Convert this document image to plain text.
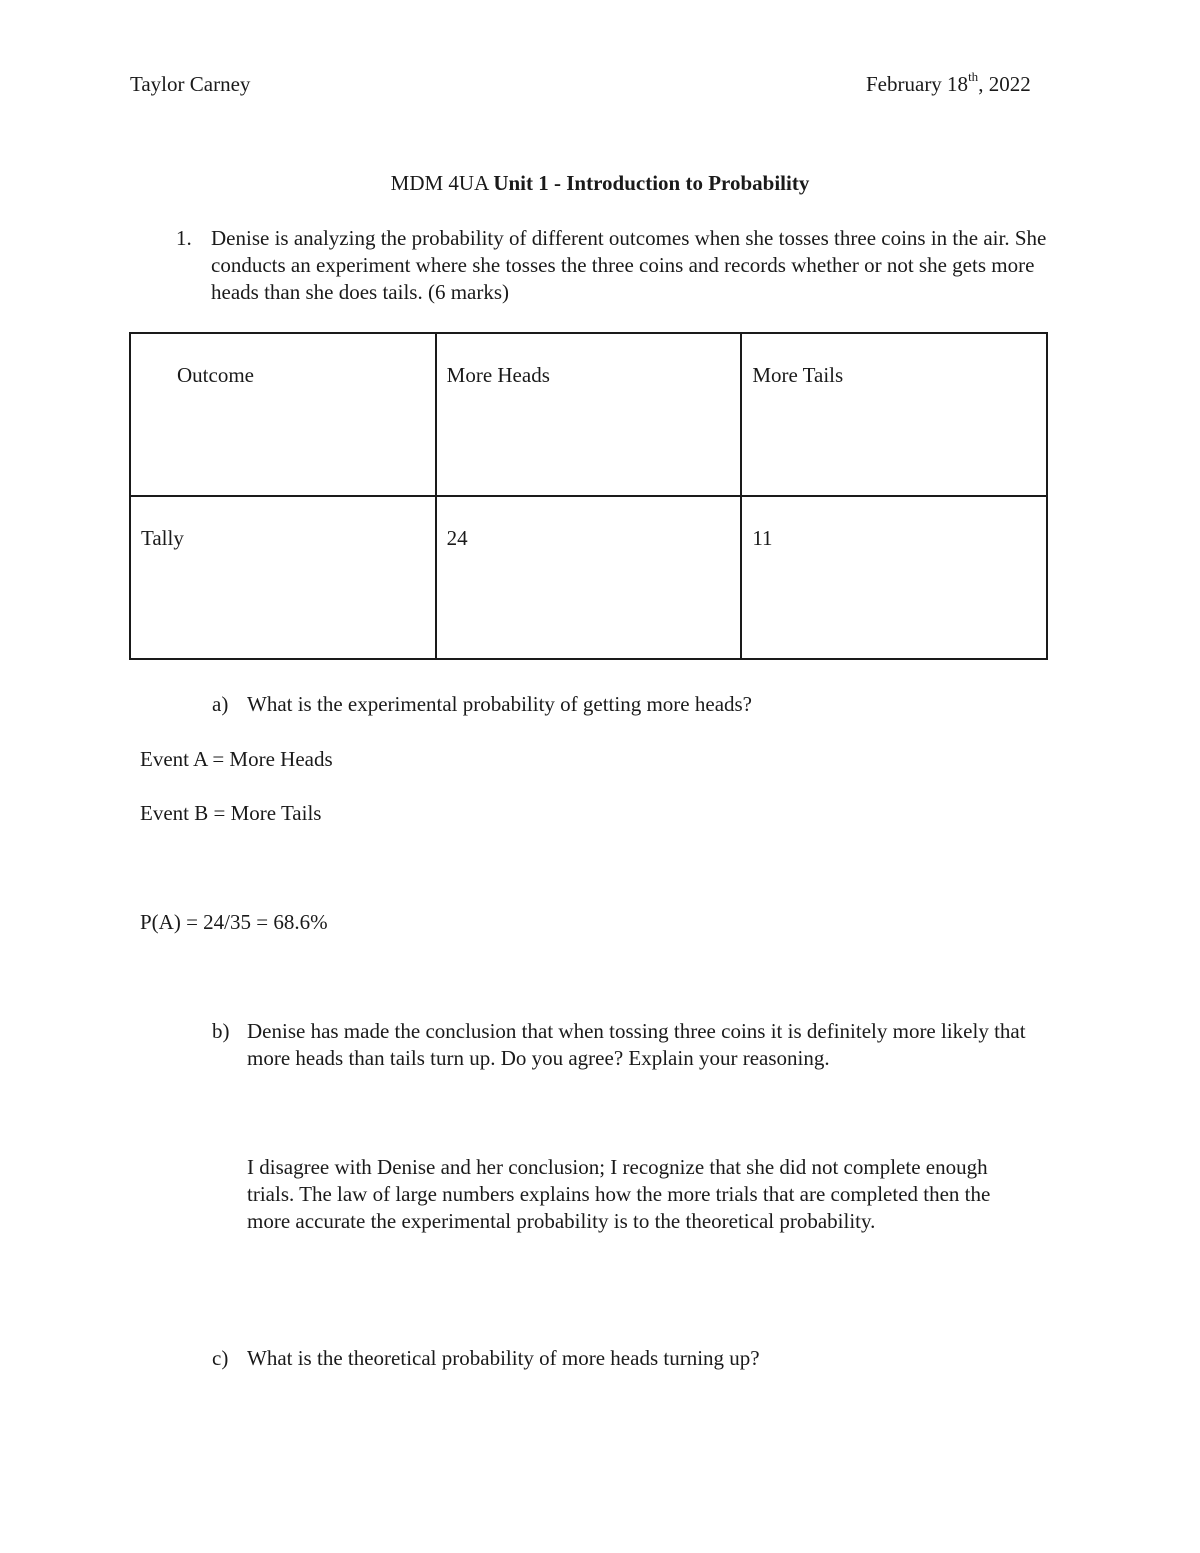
Taylor Carney	February 18th, 2022

MDM 4UA Unit 1 - Introduction to Probability

1. Denise is analyzing the probability of different outcomes when she tosses three coins in the air. She conducts an experiment where she tosses the three coins and records whether or not she gets more heads than she does tails. (6 marks)

Outcome	More Heads	More Tails
Tally	24	11

a) What is the experimental probability of getting more heads?

Event A = More Heads

Event B = More Tails

P(A) = 24/35 = 68.6%

b) Denise has made the conclusion that when tossing three coins it is definitely more likely that more heads than tails turn up. Do you agree? Explain your reasoning.

I disagree with Denise and her conclusion; I recognize that she did not complete enough trials. The law of large numbers explains how the more trials that are completed then the more accurate the experimental probability is to the theoretical probability.

c) What is the theoretical probability of more heads turning up?
